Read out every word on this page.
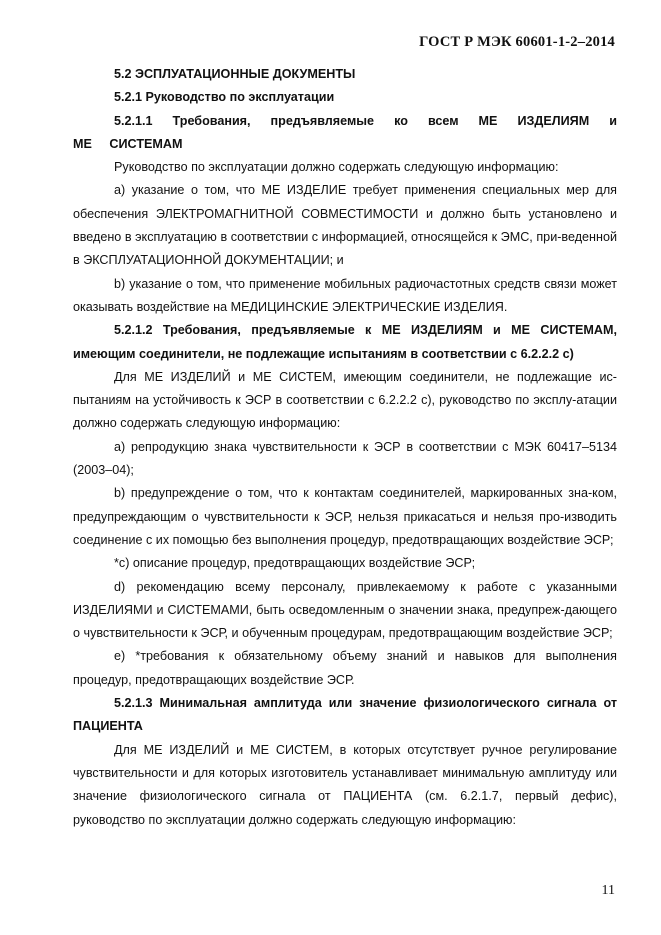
ГОСТ Р МЭК 60601-1-2–2014

5.2 ЭСПЛУАТАЦИОННЫЕ ДОКУМЕНТЫ

5.2.1 Руководство по эксплуатации

5.2.1.1 Требования, предъявляемые ко всем МЕ ИЗДЕЛИЯМ и МЕ СИСТЕМАМ

Руководство по эксплуатации должно содержать следующую информацию:

а) указание о том, что МЕ ИЗДЕЛИЕ требует применения специальных мер для обеспечения ЭЛЕКТРОМАГНИТНОЙ СОВМЕСТИМОСТИ и должно быть установлено и введено в эксплуатацию в соответствии с информацией, относящейся к ЭМС, при-веденной в ЭКСПЛУАТАЦИОННОЙ ДОКУМЕНТАЦИИ; и

b) указание о том, что применение мобильных радиочастотных средств связи может оказывать воздействие на МЕДИЦИНСКИЕ ЭЛЕКТРИЧЕСКИЕ ИЗДЕЛИЯ.

5.2.1.2 Требования, предъявляемые к МЕ ИЗДЕЛИЯМ и МЕ СИСТЕМАМ, имеющим соединители, не подлежащие испытаниям в соответствии с 6.2.2.2 с)

Для МЕ ИЗДЕЛИЙ и МЕ СИСТЕМ, имеющим соединители, не подлежащие ис-пытаниям на устойчивость к ЭСР в соответствии с 6.2.2.2 с), руководство по эксплу-атации должно содержать следующую информацию:

а) репродукцию знака чувствительности к ЭСР в соответствии с МЭК 60417–5134 (2003–04);

b) предупреждение о том, что к контактам соединителей, маркированных зна-ком, предупреждающим о чувствительности к ЭСР, нельзя прикасаться и нельзя про-изводить соединение с их помощью без выполнения процедур, предотвращающих воздействие ЭСР;

*с) описание процедур, предотвращающих воздействие ЭСР;

d) рекомендацию всему персоналу, привлекаемому к работе с указанными ИЗДЕЛИЯМИ и СИСТЕМАМИ, быть осведомленным о значении знака, предупреж-дающего о чувствительности к ЭСР, и обученным процедурам, предотвращающим воздействие ЭСР;

е) *требования к обязательному объему знаний и навыков для выполнения процедур, предотвращающих воздействие ЭСР.

5.2.1.3 Минимальная амплитуда или значение физиологического сигнала от ПАЦИЕНТА

Для МЕ ИЗДЕЛИЙ и МЕ СИСТЕМ, в которых отсутствует ручное регулирование чувствительности и для которых изготовитель устанавливает минимальную амплитуду или значение физиологического сигнала от ПАЦИЕНТА (см. 6.2.1.7, первый дефис), руководство по эксплуатации должно содержать следующую информацию:

11
